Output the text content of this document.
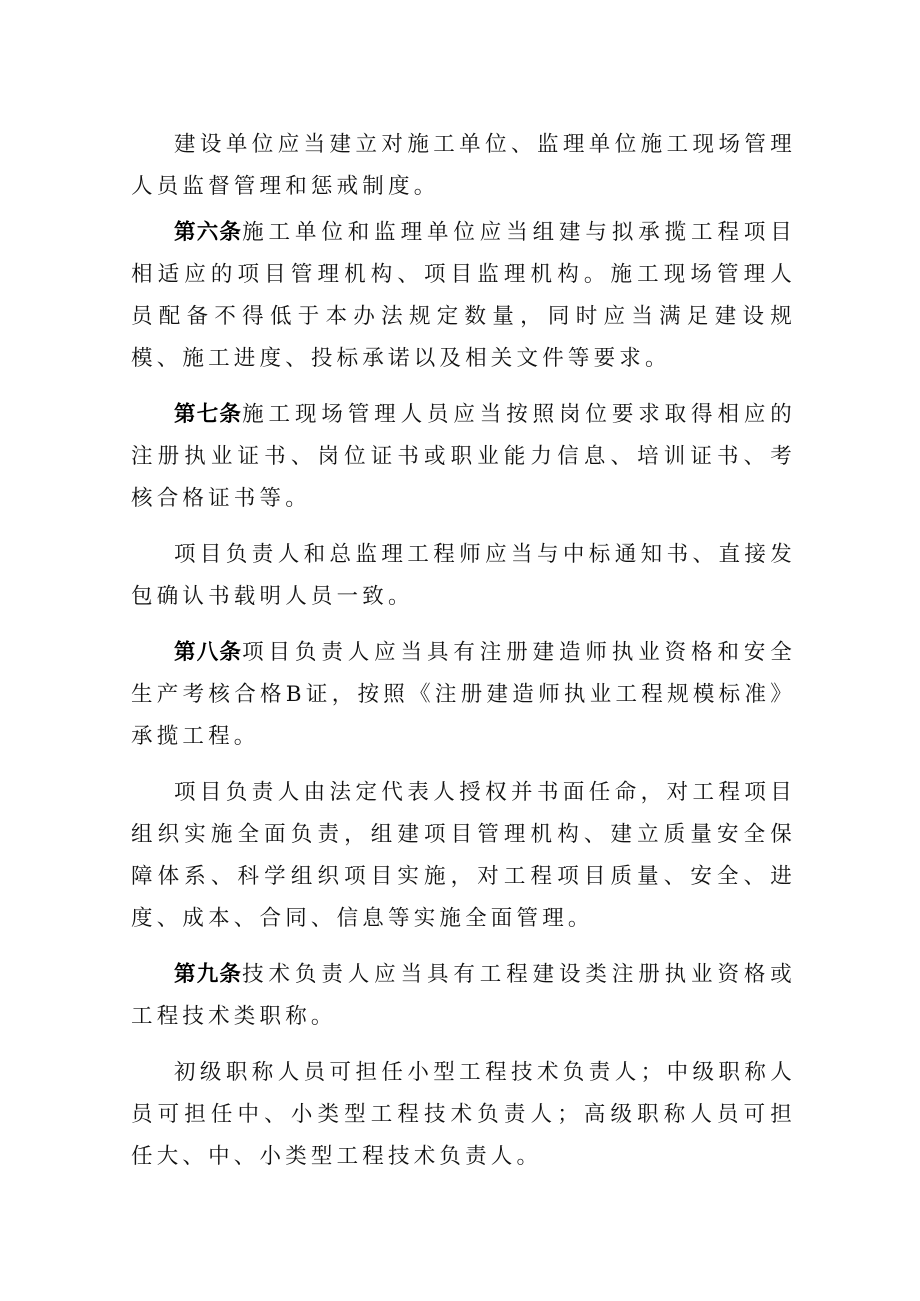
建设单位应当建立对施工单位、监理单位施工现场管理人员监督管理和惩戒制度。

第六条施工单位和监理单位应当组建与拟承揽工程项目相适应的项目管理机构、项目监理机构。施工现场管理人员配备不得低于本办法规定数量，同时应当满足建设规模、施工进度、投标承诺以及相关文件等要求。

第七条施工现场管理人员应当按照岗位要求取得相应的注册执业证书、岗位证书或职业能力信息、培训证书、考核合格证书等。

项目负责人和总监理工程师应当与中标通知书、直接发包确认书载明人员一致。

第八条项目负责人应当具有注册建造师执业资格和安全生产考核合格B证，按照《注册建造师执业工程规模标准》承揽工程。

项目负责人由法定代表人授权并书面任命，对工程项目组织实施全面负责，组建项目管理机构、建立质量安全保障体系、科学组织项目实施，对工程项目质量、安全、进度、成本、合同、信息等实施全面管理。

第九条技术负责人应当具有工程建设类注册执业资格或工程技术类职称。

初级职称人员可担任小型工程技术负责人；中级职称人员可担任中、小类型工程技术负责人；高级职称人员可担任大、中、小类型工程技术负责人。
